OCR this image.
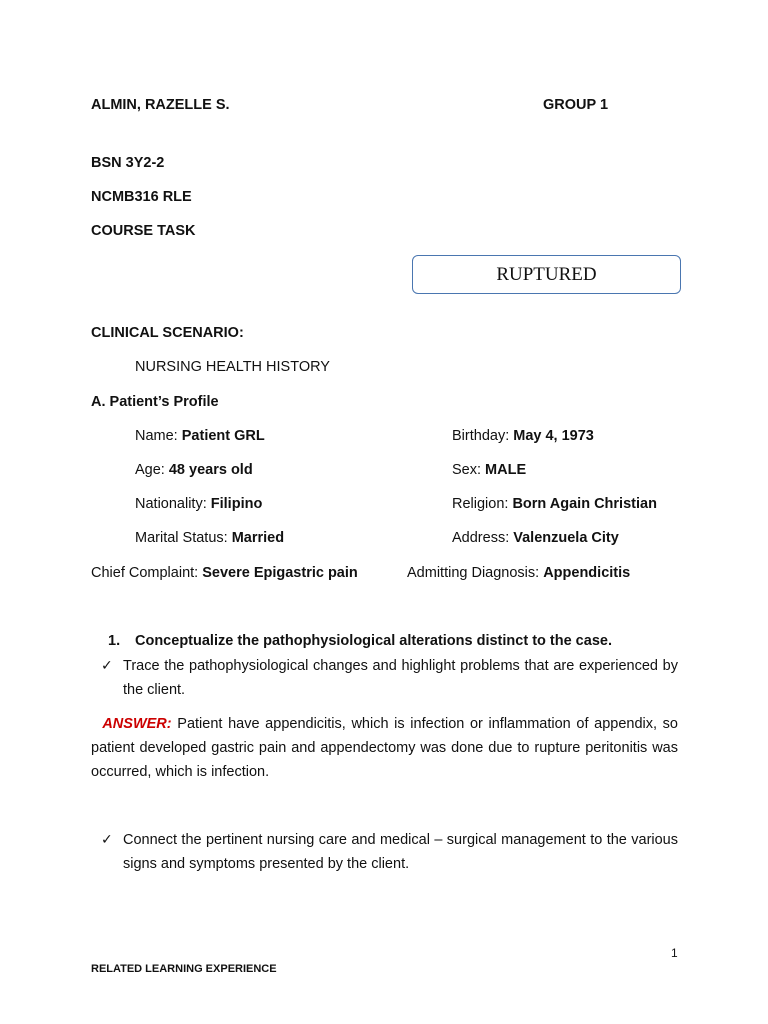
ALMIN, RAZELLE S.	GROUP 1
BSN 3Y2-2
NCMB316 RLE
COURSE TASK
RUPTURED
CLINICAL SCENARIO:
NURSING HEALTH HISTORY
A. Patient’s Profile
Name: Patient GRL	Birthday: May 4, 1973
Age: 48 years old	Sex: MALE
Nationality: Filipino	Religion: Born Again Christian
Marital Status: Married	Address: Valenzuela City
Chief Complaint: Severe Epigastric pain	Admitting Diagnosis: Appendicitis
1. Conceptualize the pathophysiological alterations distinct to the case.
✓ Trace the pathophysiological changes and highlight problems that are experienced by the client.
ANSWER: Patient have appendicitis, which is infection or inflammation of appendix, so patient developed gastric pain and appendectomy was done due to rupture peritonitis was occurred, which is infection.
✓ Connect the pertinent nursing care and medical – surgical management to the various signs and symptoms presented by the client.
1
RELATED LEARNING EXPERIENCE
